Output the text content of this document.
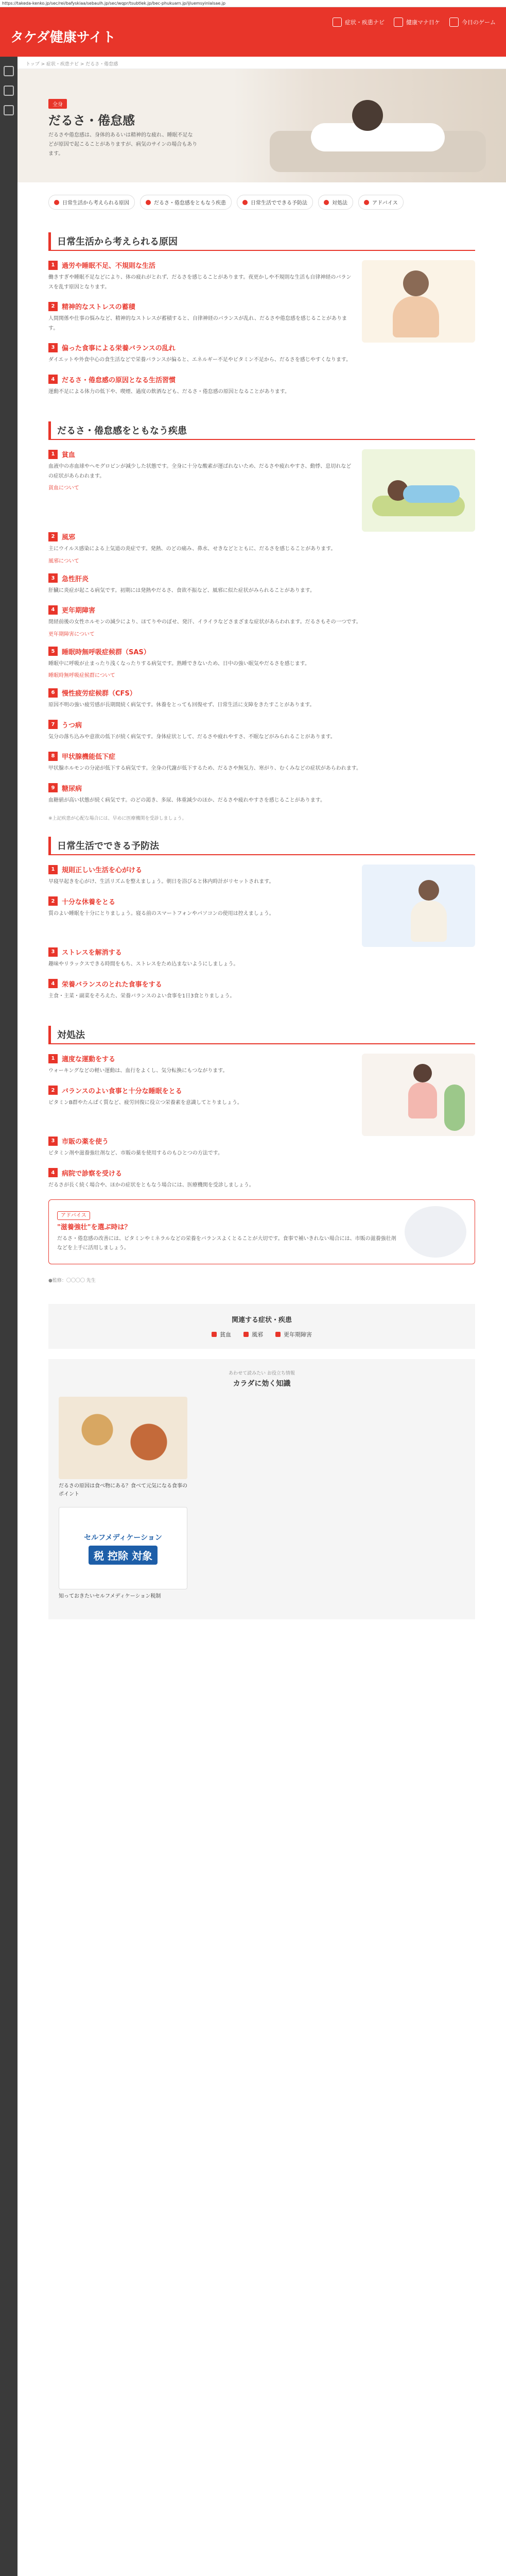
https://takeda-kenko.jp/sec/rei/bafyskiaa/sebaulh.jp/sec/wqpr/tsubtlek.jp/bec-phukuarn.jp/ijluemsyinlalsae.jp
タケダ健康サイト
症状・疾患ナビ	健康マナ日ケ	今日のゲーム
トップ > 症状・疾患ナビ > だるさ・倦怠感
全身
だるさ・倦怠感
だるさや倦怠感は、身体的あるいは精神的な疲れ、睡眠不足などが原因で起こることがありますが、病気のサインの場合もあります。
日常生活から考えられる原因	だるさ・倦怠感をともなう疾患	日常生活でできる予防法	対処法	アドバイス
日常生活から考えられる原因
1	過労や睡眠不足、不規則な生活
働きすぎや睡眠不足などにより、体の疲れがとれず、だるさを感じることがあります。夜更かしや不規則な生活も自律神経のバランスを乱す原因となります。
2	精神的なストレスの蓄積
人間関係や仕事の悩みなど、精神的なストレスが蓄積すると、自律神経のバランスが乱れ、だるさや倦怠感を感じることがあります。
3	偏った食事による栄養バランスの乱れ
ダイエットや外食中心の食生活などで栄養バランスが偏ると、エネルギー不足やビタミン不足から、だるさを感じやすくなります。
4	だるさ・倦怠感の原因となる生活習慣
運動不足による体力の低下や、喫煙、過度の飲酒なども、だるさ・倦怠感の原因となることがあります。
だるさ・倦怠感をともなう疾患
1	貧血
血液中の赤血球やヘモグロビンが減少した状態です。全身に十分な酸素が運ばれないため、だるさや疲れやすさ、動悸、息切れなどの症状があらわれます。
貧血について
2	風邪
主にウイルス感染による上気道の炎症です。発熱、のどの痛み、鼻水、せきなどとともに、だるさを感じることがあります。
風邪について
3	急性肝炎
肝臓に炎症が起こる病気です。初期には発熱やだるさ、食欲不振など、風邪に似た症状がみられることがあります。
4	更年期障害
閉経前後の女性ホルモンの減少により、ほてりやのぼせ、発汗、イライラなどさまざまな症状があらわれます。だるさもその一つです。
更年期障害について
5	睡眠時無呼吸症候群（SAS）
睡眠中に呼吸が止まったり浅くなったりする病気です。熟睡できないため、日中の強い眠気やだるさを感じます。
睡眠時無呼吸症候群について
6	慢性疲労症候群（CFS）
原因不明の強い疲労感が長期間続く病気です。休養をとっても回復せず、日常生活に支障をきたすことがあります。
7	うつ病
気分の落ち込みや意欲の低下が続く病気です。身体症状として、だるさや疲れやすさ、不眠などがみられることがあります。
8	甲状腺機能低下症
甲状腺ホルモンの分泌が低下する病気です。全身の代謝が低下するため、だるさや無気力、寒がり、むくみなどの症状があらわれます。
9	糖尿病
血糖値が高い状態が続く病気です。のどの渇き、多尿、体重減少のほか、だるさや疲れやすさを感じることがあります。
※上記疾患が心配な場合には、早めに医療機関を受診しましょう。
日常生活でできる予防法
1	規則正しい生活を心がける
早寝早起きを心がけ、生活リズムを整えましょう。朝日を浴びると体内時計がリセットされます。
2	十分な休養をとる
質のよい睡眠を十分にとりましょう。寝る前のスマートフォンやパソコンの使用は控えましょう。
3	ストレスを解消する
趣味やリラックスできる時間をもち、ストレスをため込まないようにしましょう。
4	栄養バランスのとれた食事をする
主食・主菜・副菜をそろえた、栄養バランスのよい食事を1日3食とりましょう。
対処法
1	適度な運動をする
ウォーキングなどの軽い運動は、血行をよくし、気分転換にもつながります。
2	バランスのよい食事と十分な睡眠をとる
ビタミンB群やたんぱく質など、疲労回復に役立つ栄養素を意識してとりましょう。
3	市販の薬を使う
ビタミン剤や滋養強壮剤など、市販の薬を使用するのもひとつの方法です。
4	病院で診察を受ける
だるさが長く続く場合や、ほかの症状をともなう場合には、医療機関を受診しましょう。
アドバイス
"滋養強壮"を選ぶ時は？
だるさ・倦怠感の改善には、ビタミンやミネラルなどの栄養をバランスよくとることが大切です。食事で補いきれない場合には、市販の滋養強壮剤などを上手に活用しましょう。
●監修：〇〇〇〇 先生
関連する症状・疾患
貧血	風邪	更年期障害
あわせて読みたい お役立ち情報
カラダに効く知識
だるさの原因は食べ物にある？食べて元気になる食事のポイント
セルフメディケーション
税 控除 対象
知っておきたいセルフメディケーション税制
